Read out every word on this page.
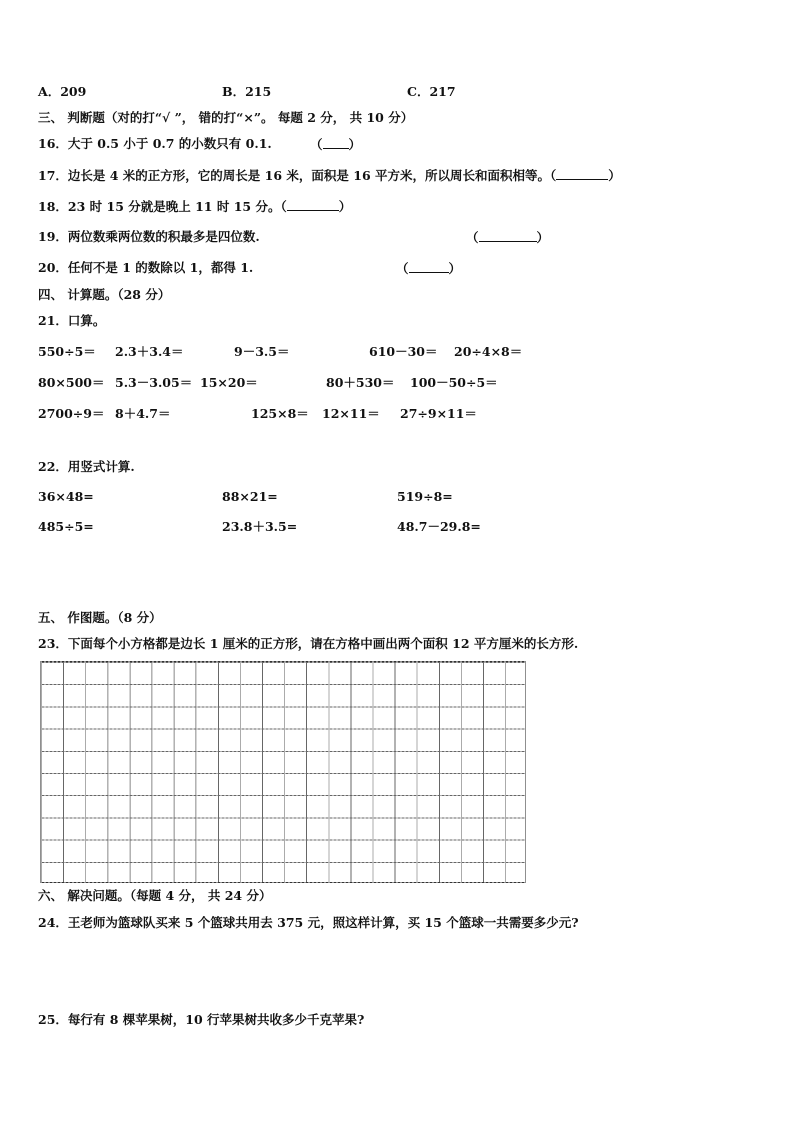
A．209	B．215	C．217
三、 判断题（对的打“√ ”， 错的打“×”。 每题 2 分， 共 10 分）
16．大于 0.5 小于 0.7 的小数只有 0.1.	（ ）
17．边长是 4 米的正方形，它的周长是 16 米，面积是 16 平方米，所以周长和面积相等。（	）
18．23 时 15 分就是晚上 11 时 15 分。（	）
19．两位数乘两位数的积最多是四位数.	（	）
20．任何不是 1 的数除以 1，都得 1.	（	）
四、 计算题。（28 分）
21．口算。
550÷5＝ 2.3＋3.4＝	9－3.5＝	610－30＝ 20÷4×8＝
80×500＝ 5.3－3.05＝ 15×20＝	80＋530＝ 100－50÷5＝
2700÷9＝ 8＋4.7＝	125×8＝ 12×11＝ 27÷9×11＝
22．用竖式计算.
36×48=	88×21=	519÷8=
485÷5=	23.8＋3.5=	48.7－29.8=
五、 作图题。（8 分）
23．下面每个小方格都是边长 1 厘米的正方形，请在方格中画出两个面积 12 平方厘米的长方形.
六、 解决问题。（每题 4 分， 共 24 分）
24．王老师为篮球队买来 5 个篮球共用去 375 元，照这样计算，买 15 个篮球一共需要多少元?
25．每行有 8 棵苹果树，10 行苹果树共收多少千克苹果?
